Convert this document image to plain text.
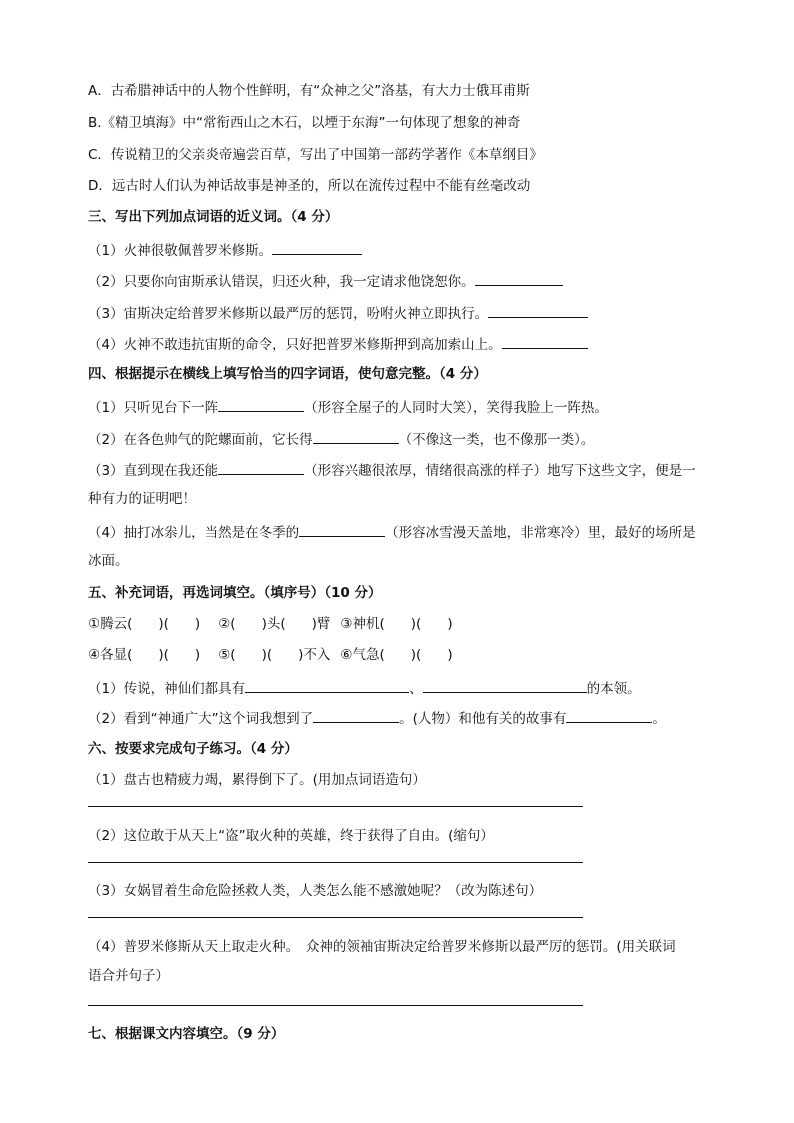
A．古希腊神话中的人物个性鲜明，有“众神之父”洛基，有大力士俄耳甫斯
B.《精卫填海》中“常衔西山之木石，以堙于东海”一句体现了想象的神奇
C．传说精卫的父亲炎帝遍尝百草，写出了中国第一部药学著作《本草纲目》
D．远古时人们认为神话故事是神圣的，所以在流传过程中不能有丝毫改动
三、写出下列加点词语的近义词。（4 分）
（1）火神很敬佩普罗米修斯。
（2）只要你向宙斯承认错误，归还火种，我一定请求他饶恕你。
（3）宙斯决定给普罗米修斯以最严厉的惩罚，吩咐火神立即执行。
（4）火神不敢违抗宙斯的命令，只好把普罗米修斯押到高加索山上。
四、根据提示在横线上填写恰当的四字词语，使句意完整。（4 分）
（1）只听见台下一阵	（形容全屋子的人同时大笑），笑得我脸上一阵热。
（2）在各色帅气的陀螺面前，它长得	（不像这一类，也不像那一类）。
（3）直到现在我还能	（形容兴趣很浓厚，情绪很高涨的样子）地写下这些文字，便是一
种有力的证明吧！
（4）抽打冰尜儿，当然是在冬季的	（形容冰雪漫天盖地，非常寒冷）里，最好的场所是
冰面。
五、补充词语，再选词填空。（填序号）（10 分）
①腾云( )( ) ②( )头( )臂 ③神机( )( )
④各显( )( ) ⑤( )( )不入 ⑥气急( )( )
（1）传说，神仙们都具有	、	的本领。
（2）看到“神通广大”这个词我想到了	。(人物）和他有关的故事有	。
六、按要求完成句子练习。（4 分）
（1）盘古也精疲力竭，累得倒下了。(用加点词语造句）
（2）这位敢于从天上“盗”取火种的英雄，终于获得了自由。(缩句）
（3）女娲冒着生命危险拯救人类，人类怎么能不感激她呢？（改为陈述句）
（4）普罗米修斯从天上取走火种。　众神的领袖宙斯决定给普罗米修斯以最严厉的惩罚。(用关联词
语合并句子）
七、根据课文内容填空。（9 分）
